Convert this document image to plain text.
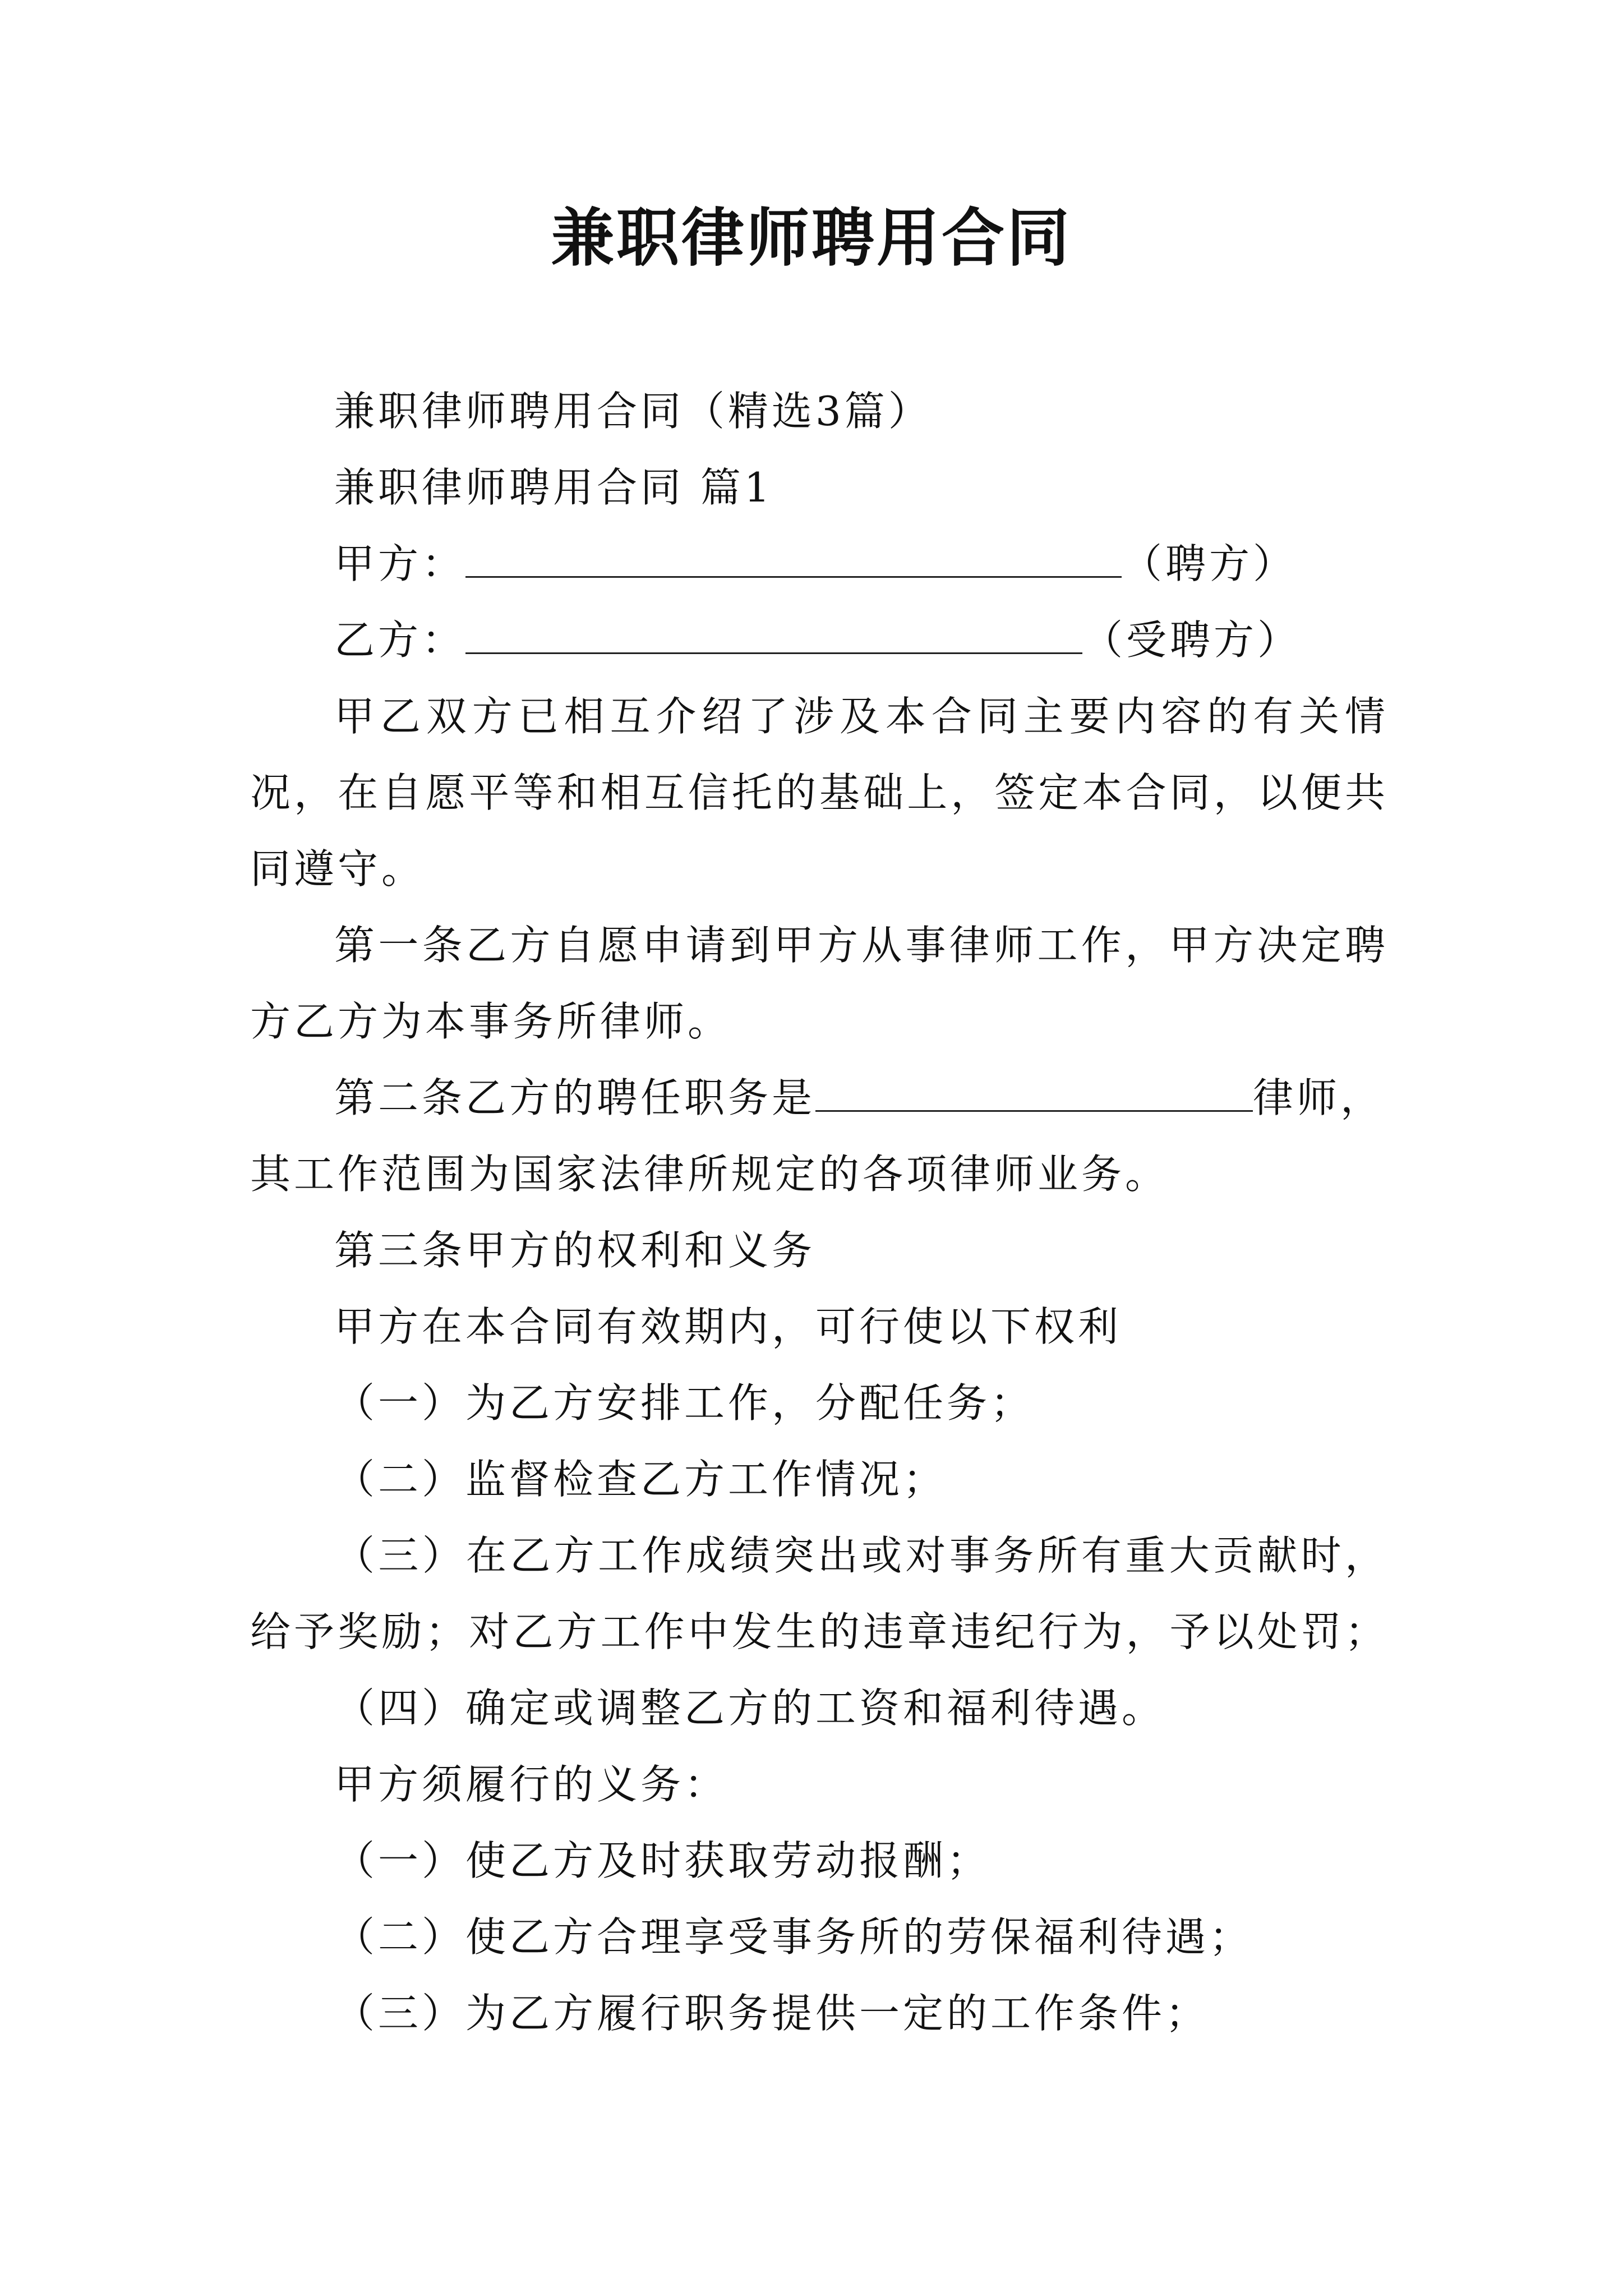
兼职律师聘用合同
兼职律师聘用合同（精选3篇）
兼职律师聘用合同 篇1
甲方：	（聘方）
乙方：	（受聘方）
甲乙双方已相互介绍了涉及本合同主要内容的有关情
况，在自愿平等和相互信托的基础上，签定本合同，以便共
同遵守。
第一条乙方自愿申请到甲方从事律师工作，甲方决定聘
方乙方为本事务所律师。
第二条乙方的聘任职务是	律师，
其工作范围为国家法律所规定的各项律师业务。
第三条甲方的权利和义务
甲方在本合同有效期内，可行使以下权利
（一）为乙方安排工作，分配任务；
（二）监督检查乙方工作情况；
（三）在乙方工作成绩突出或对事务所有重大贡献时，
给予奖励；对乙方工作中发生的违章违纪行为，予以处罚；
（四）确定或调整乙方的工资和福利待遇。
甲方须履行的义务：
（一）使乙方及时获取劳动报酬；
（二）使乙方合理享受事务所的劳保福利待遇；
（三）为乙方履行职务提供一定的工作条件；
